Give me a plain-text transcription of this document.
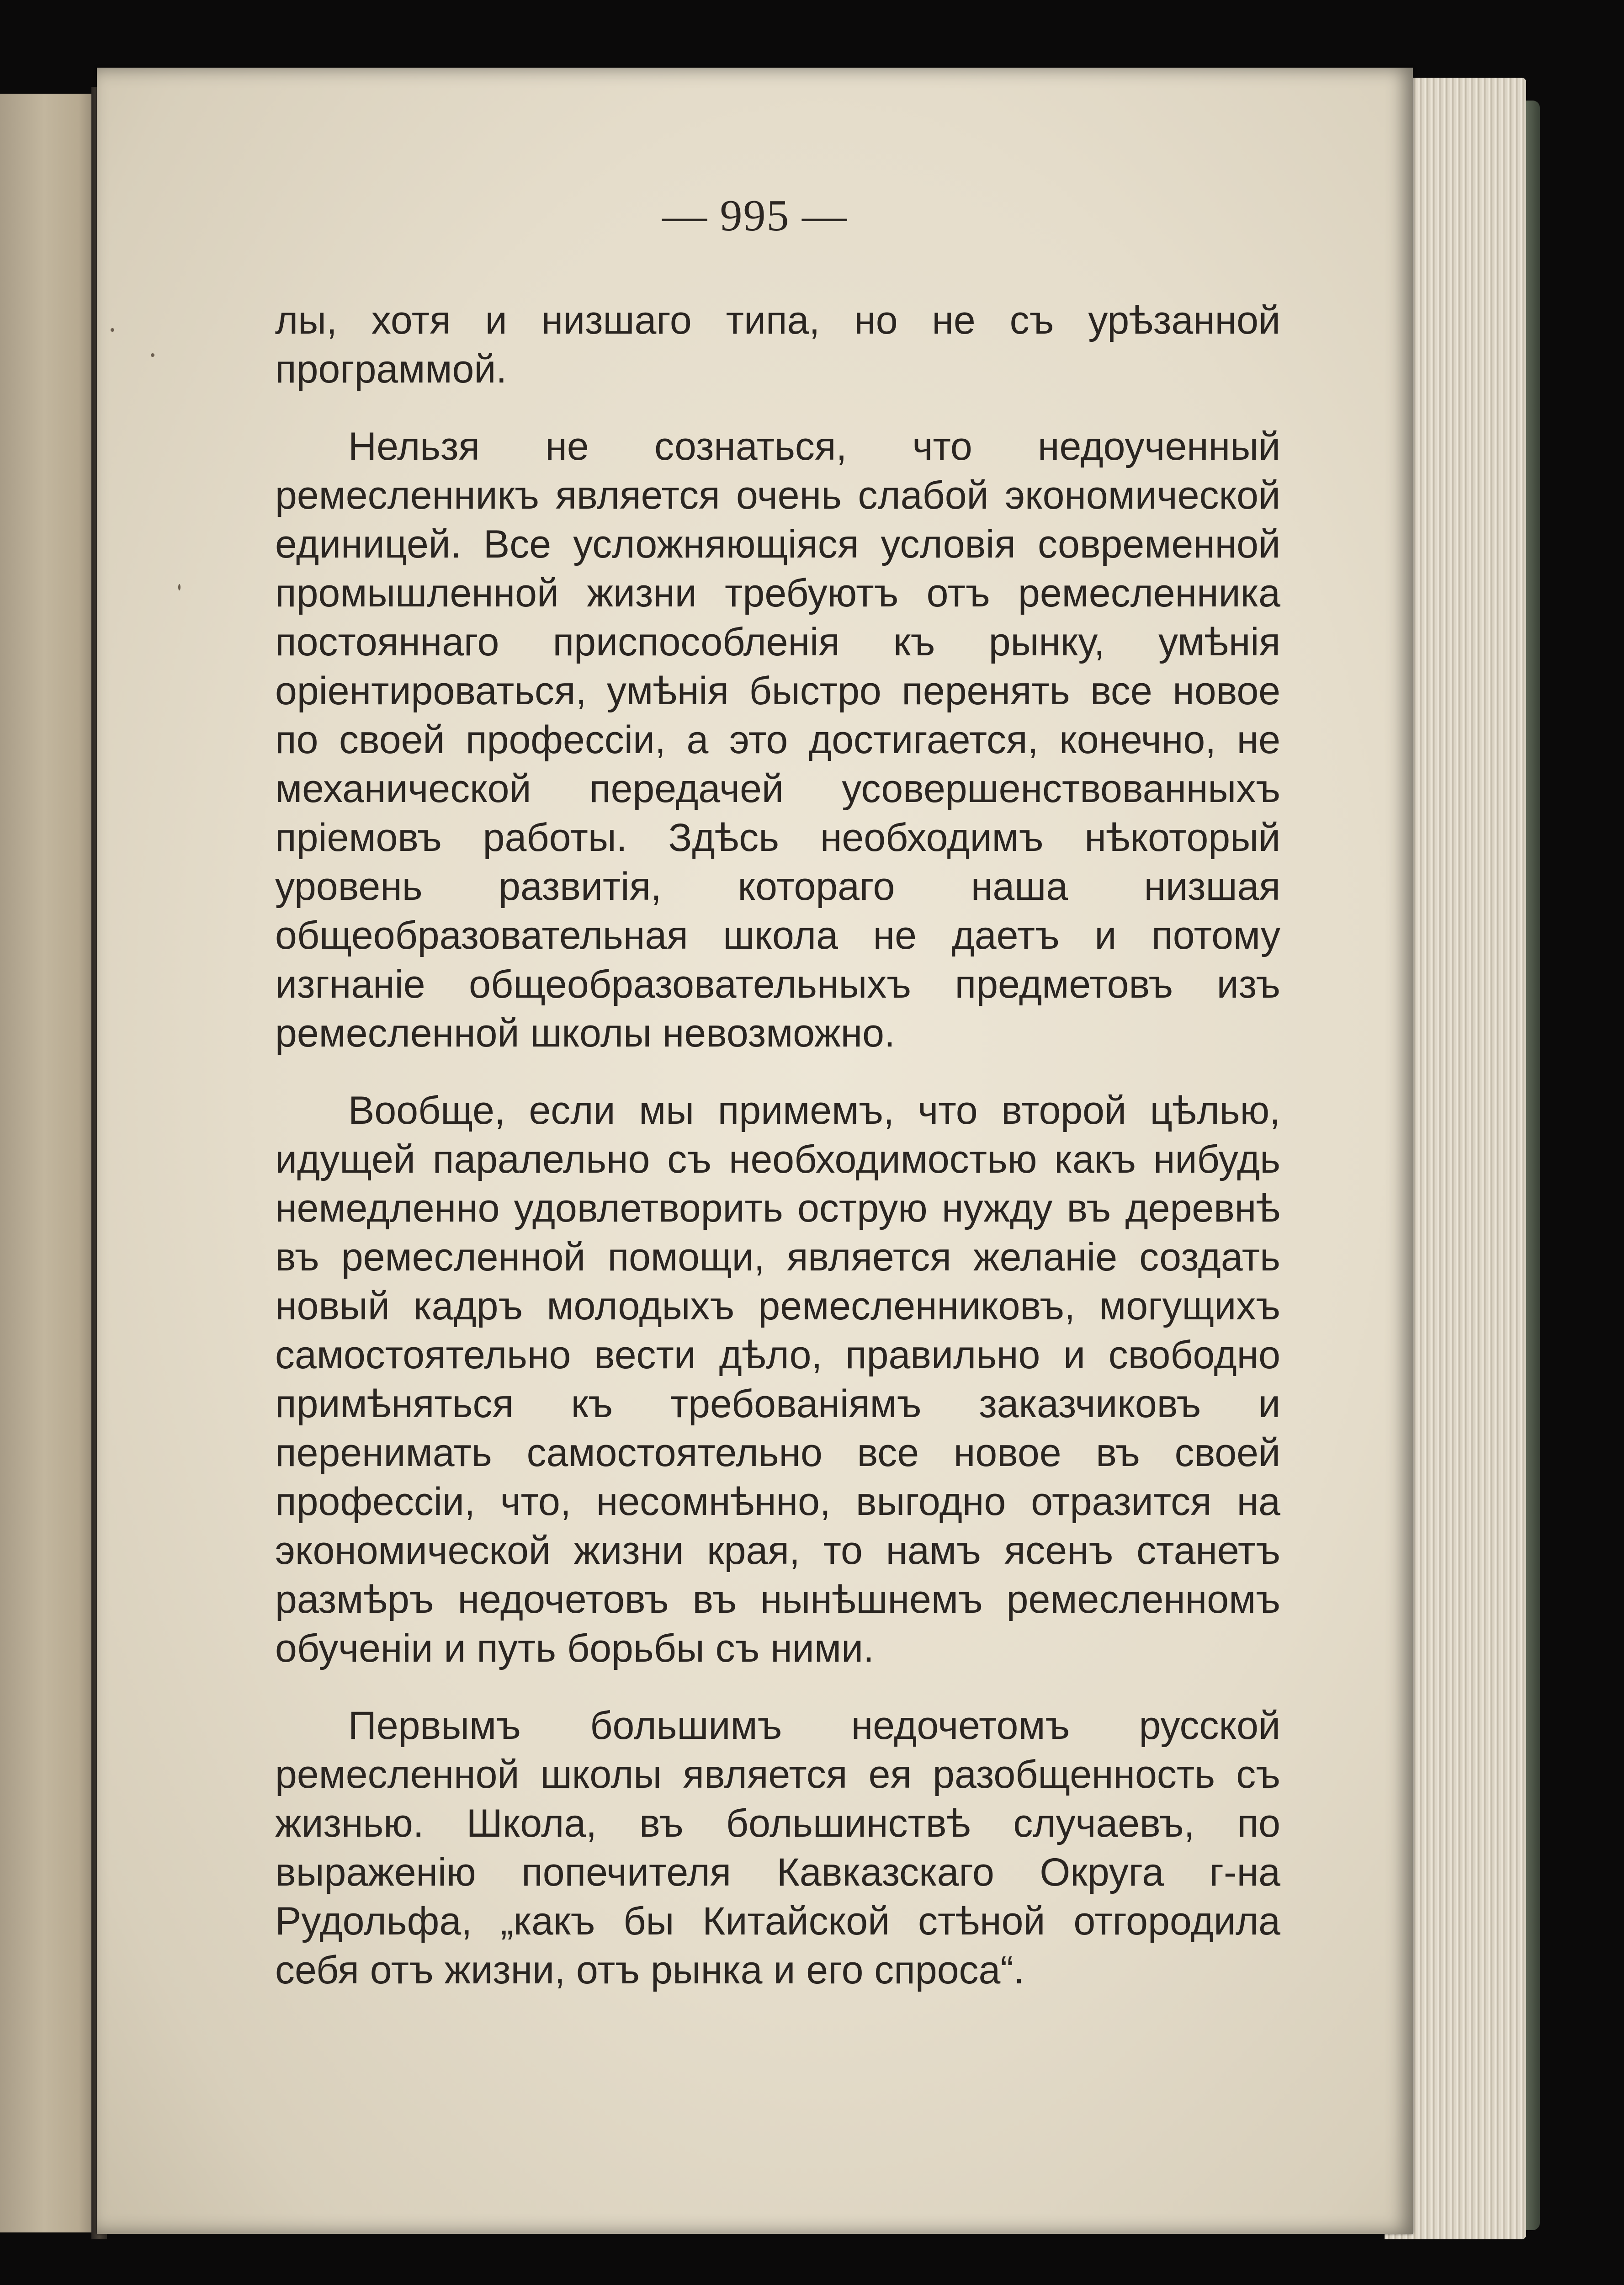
— 995 —

лы, хотя и низшаго типа, но не съ урѣзанной программой.

Нельзя не сознаться, что недоученный ремесленникъ является очень слабой экономической единицей. Все усложняющіяся условія современной промышленной жизни требуютъ отъ ремесленника постояннаго приспособленія къ рынку, умѣнія оріентироваться, умѣнія быстро перенять все новое по своей профессіи, а это достигается, конечно, не механической передачей усовершенствованныхъ пріемовъ работы. Здѣсь необходимъ нѣкоторый уровень развитія, котораго наша низшая общеобразовательная школа не даетъ и потому изгнаніе общеобразовательныхъ предметовъ изъ ремесленной школы невозможно.

Вообще, если мы примемъ, что второй цѣлью, идущей паралельно съ необходимостью какъ нибудь немедленно удовлетворить острую нужду въ деревнѣ въ ремесленной помощи, является желаніе создать новый кадръ молодыхъ ремесленниковъ, могущихъ самостоятельно вести дѣло, правильно и свободно примѣняться къ требованіямъ заказчиковъ и перенимать самостоятельно все новое въ своей профессіи, что, несомнѣнно, выгодно отразится на экономической жизни края, то намъ ясенъ станетъ размѣръ недочетовъ въ нынѣшнемъ ремесленномъ обученіи и путь борьбы съ ними.

Первымъ большимъ недочетомъ русской ремесленной школы является ея разобщенность съ жизнью. Школа, въ большинствѣ случаевъ, по выраженію попечителя Кавказскаго Округа г-на Рудольфа, „какъ бы Китайской стѣной отгородила себя отъ жизни, отъ рынка и его спроса“.
